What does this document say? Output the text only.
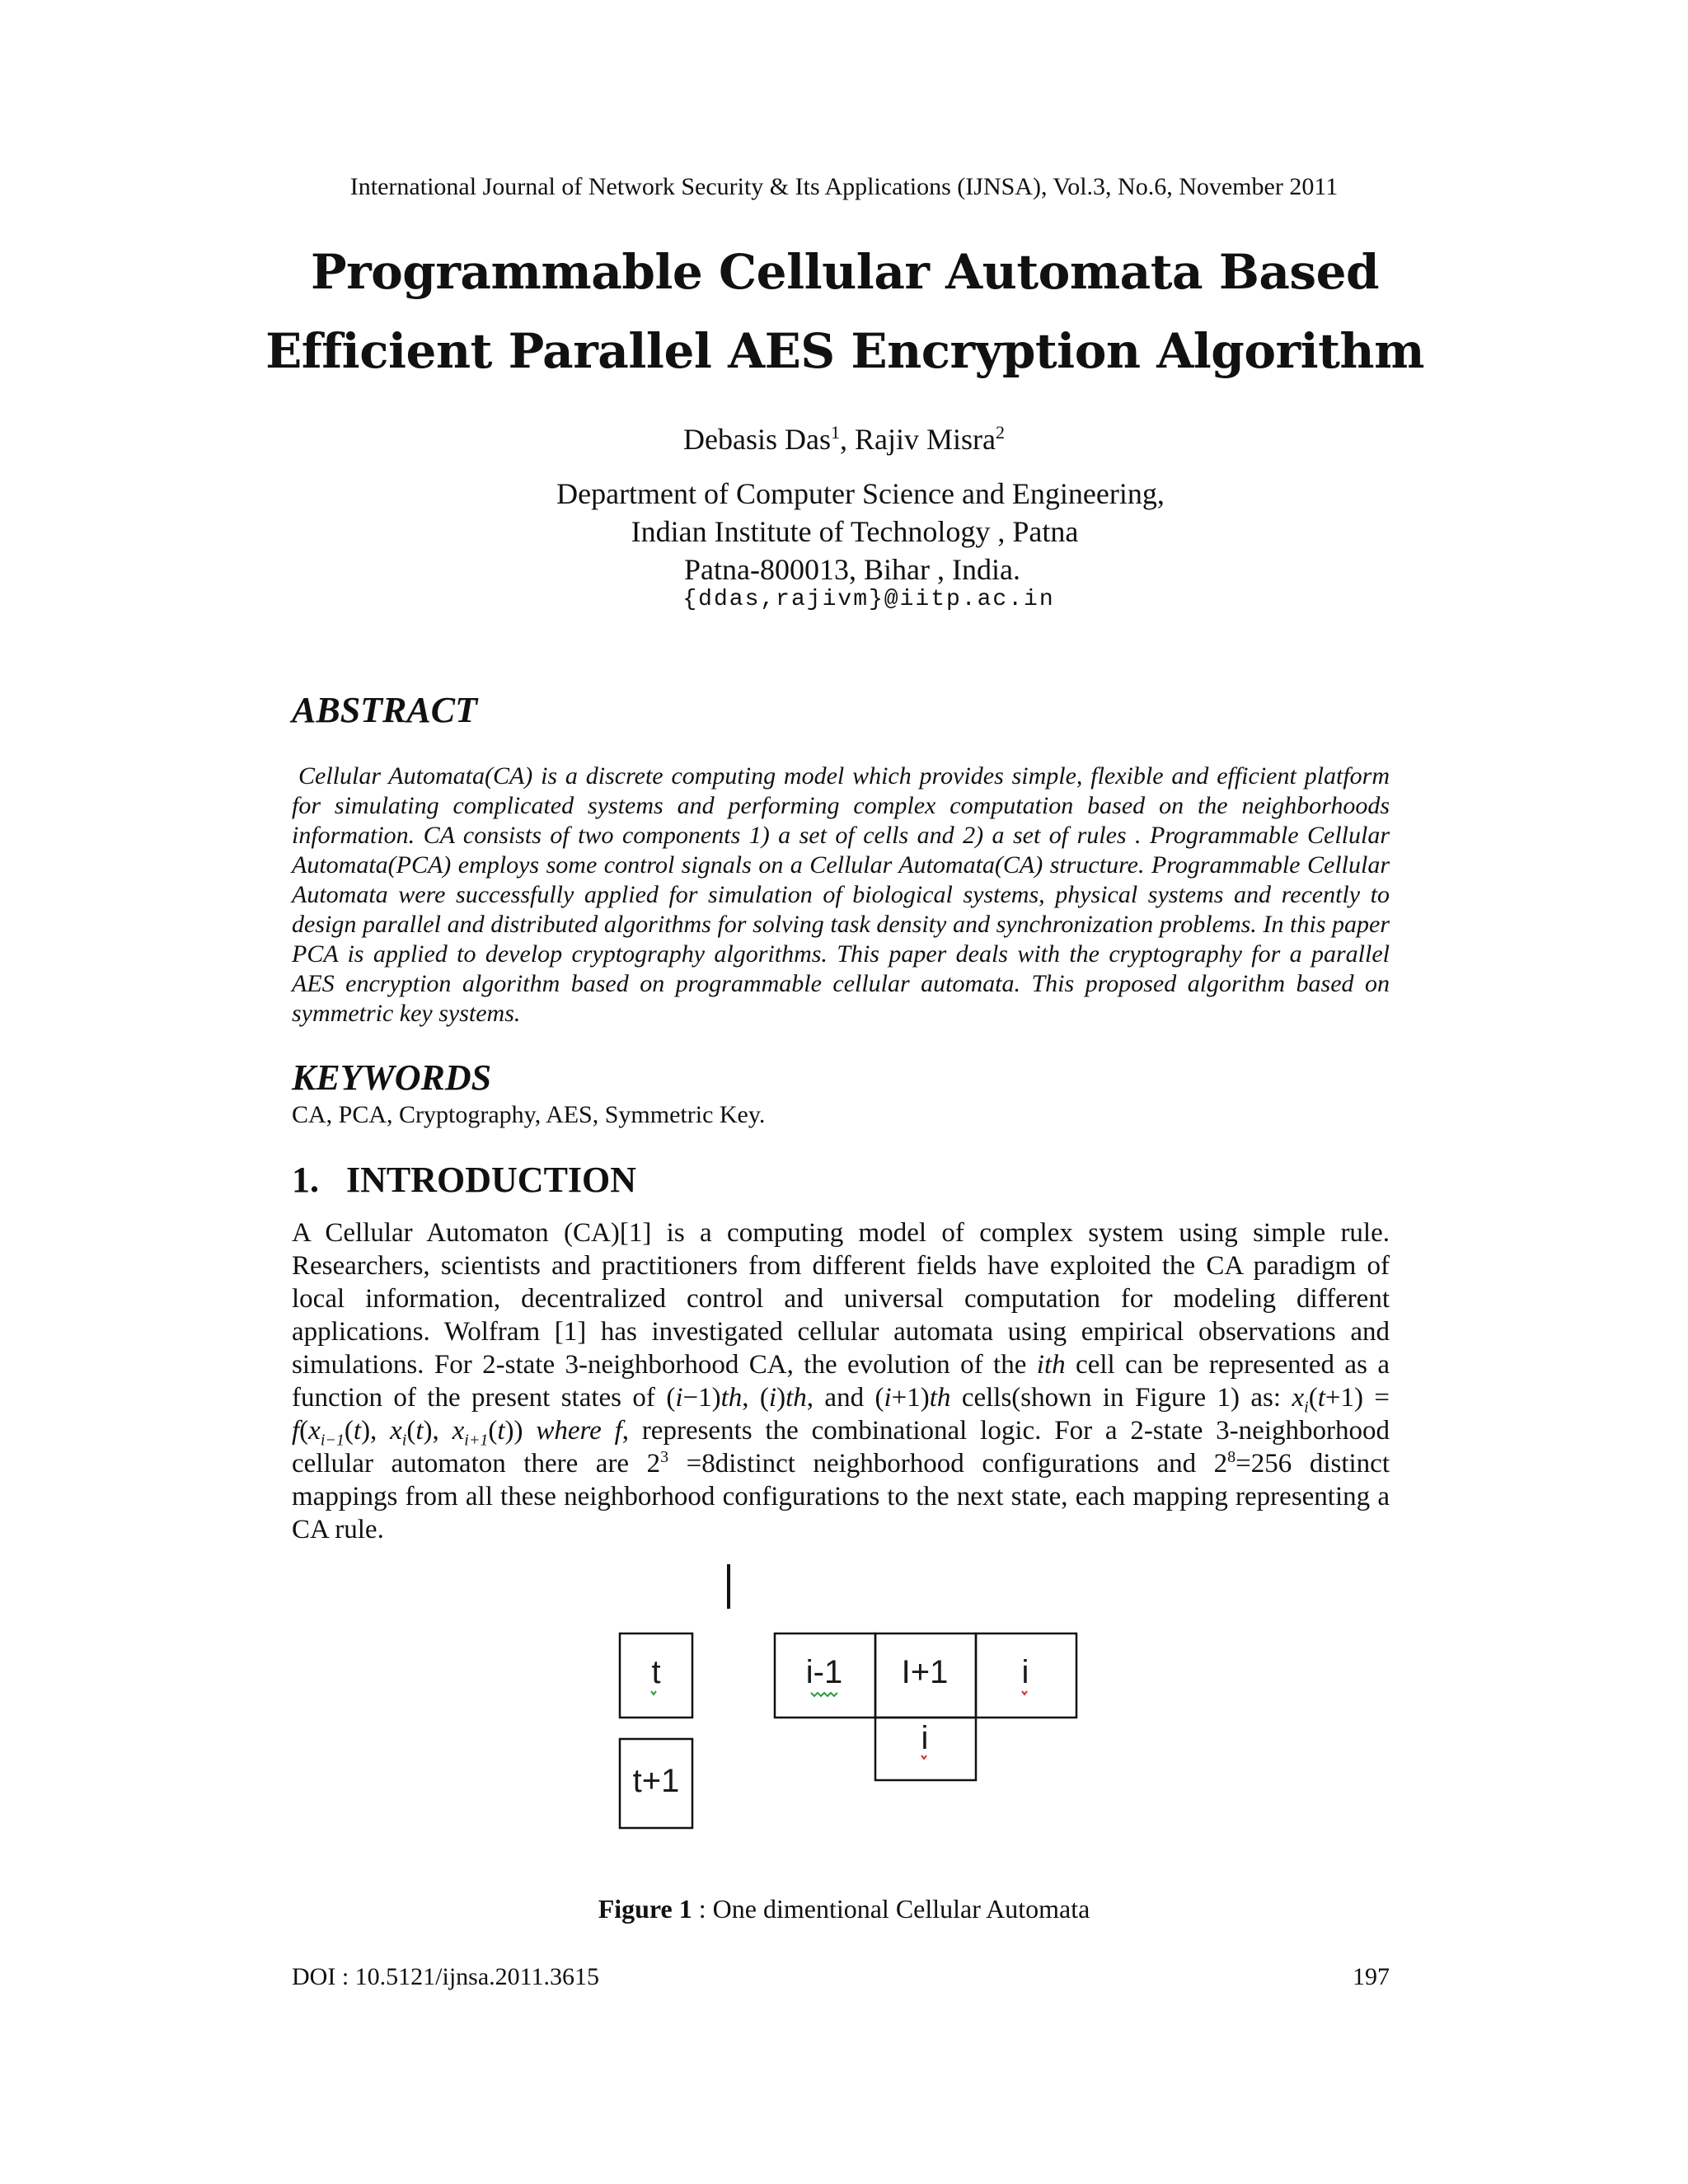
International Journal of Network Security & Its Applications (IJNSA), Vol.3, No.6, November 2011
Programmable Cellular Automata Based Efficient Parallel AES Encryption Algorithm
Debasis Das$^1$, Rajiv Misra$^2$
Department of Computer Science and Engineering,
Indian Institute of Technology , Patna
Patna-800013, Bihar , India.
{ddas,rajivm}@iitp.ac.in
ABSTRACT
Cellular Automata(CA) is a discrete computing model which provides simple, flexible and efficient platform for simulating complicated systems and performing complex computation based on the neighborhoods information. CA consists of two components 1) a set of cells and 2) a set of rules . Programmable Cellular Automata(PCA) employs some control signals on a Cellular Automata(CA) structure. Programmable Cellular Automata were successfully applied for simulation of biological systems, physical systems and recently to design parallel and distributed algorithms for solving task density and synchronization problems. In this paper PCA is applied to develop cryptography algorithms. This paper deals with the cryptography for a parallel AES encryption algorithm based on programmable cellular automata. This proposed algorithm based on symmetric key systems.
KEYWORDS
CA, PCA, Cryptography, AES, Symmetric Key.
1.   INTRODUCTION
A Cellular Automaton (CA)[1] is a computing model of complex system using simple rule. Researchers, scientists and practitioners from different fields have exploited the CA paradigm of local information, decentralized control and universal computation for modeling different applications. Wolfram [1] has investigated cellular automata using empirical observations and simulations. For 2-state 3-neighborhood CA, the evolution of the ith cell can be represented as a function of the present states of (i−1)th, (i)th, and (i+1)th cells(shown in Figure 1) as: $x_i(t+1) = f(x_{i-1}(t)$, $x_i(t)$, $x_{i+1}(t)$) where f, represents the combinational logic. For a 2-state 3-neighborhood cellular automaton there are $2^3$ =8distinct neighborhood configurations and $2^8=256$ distinct mappings from all these neighborhood configurations to the next state, each mapping representing a CA rule.
t
t+1
i-1 I+1 i
i
Figure 1 : One dimentional Cellular Automata
DOI : 10.5121/ijnsa.2011.3615	197
